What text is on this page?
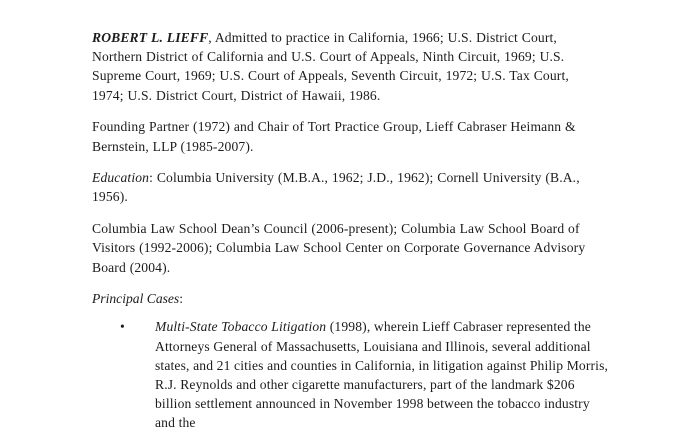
ROBERT L. LIEFF, Admitted to practice in California, 1966; U.S. District Court, Northern District of California and U.S. Court of Appeals, Ninth Circuit, 1969; U.S. Supreme Court, 1969; U.S. Court of Appeals, Seventh Circuit, 1972; U.S. Tax Court, 1974; U.S. District Court, District of Hawaii, 1986.

Founding Partner (1972) and Chair of Tort Practice Group, Lieff Cabraser Heimann & Bernstein, LLP (1985-2007).

Education: Columbia University (M.B.A., 1962; J.D., 1962); Cornell University (B.A., 1956).

Columbia Law School Dean’s Council (2006-present); Columbia Law School Board of Visitors (1992-2006); Columbia Law School Center on Corporate Governance Advisory Board (2004).

Principal Cases:

• Multi-State Tobacco Litigation (1998), wherein Lieff Cabraser represented the Attorneys General of Massachusetts, Louisiana and Illinois, several additional states, and 21 cities and counties in California, in litigation against Philip Morris, R.J. Reynolds and other cigarette manufacturers, part of the landmark $206 billion settlement announced in November 1998 between the tobacco industry and the
